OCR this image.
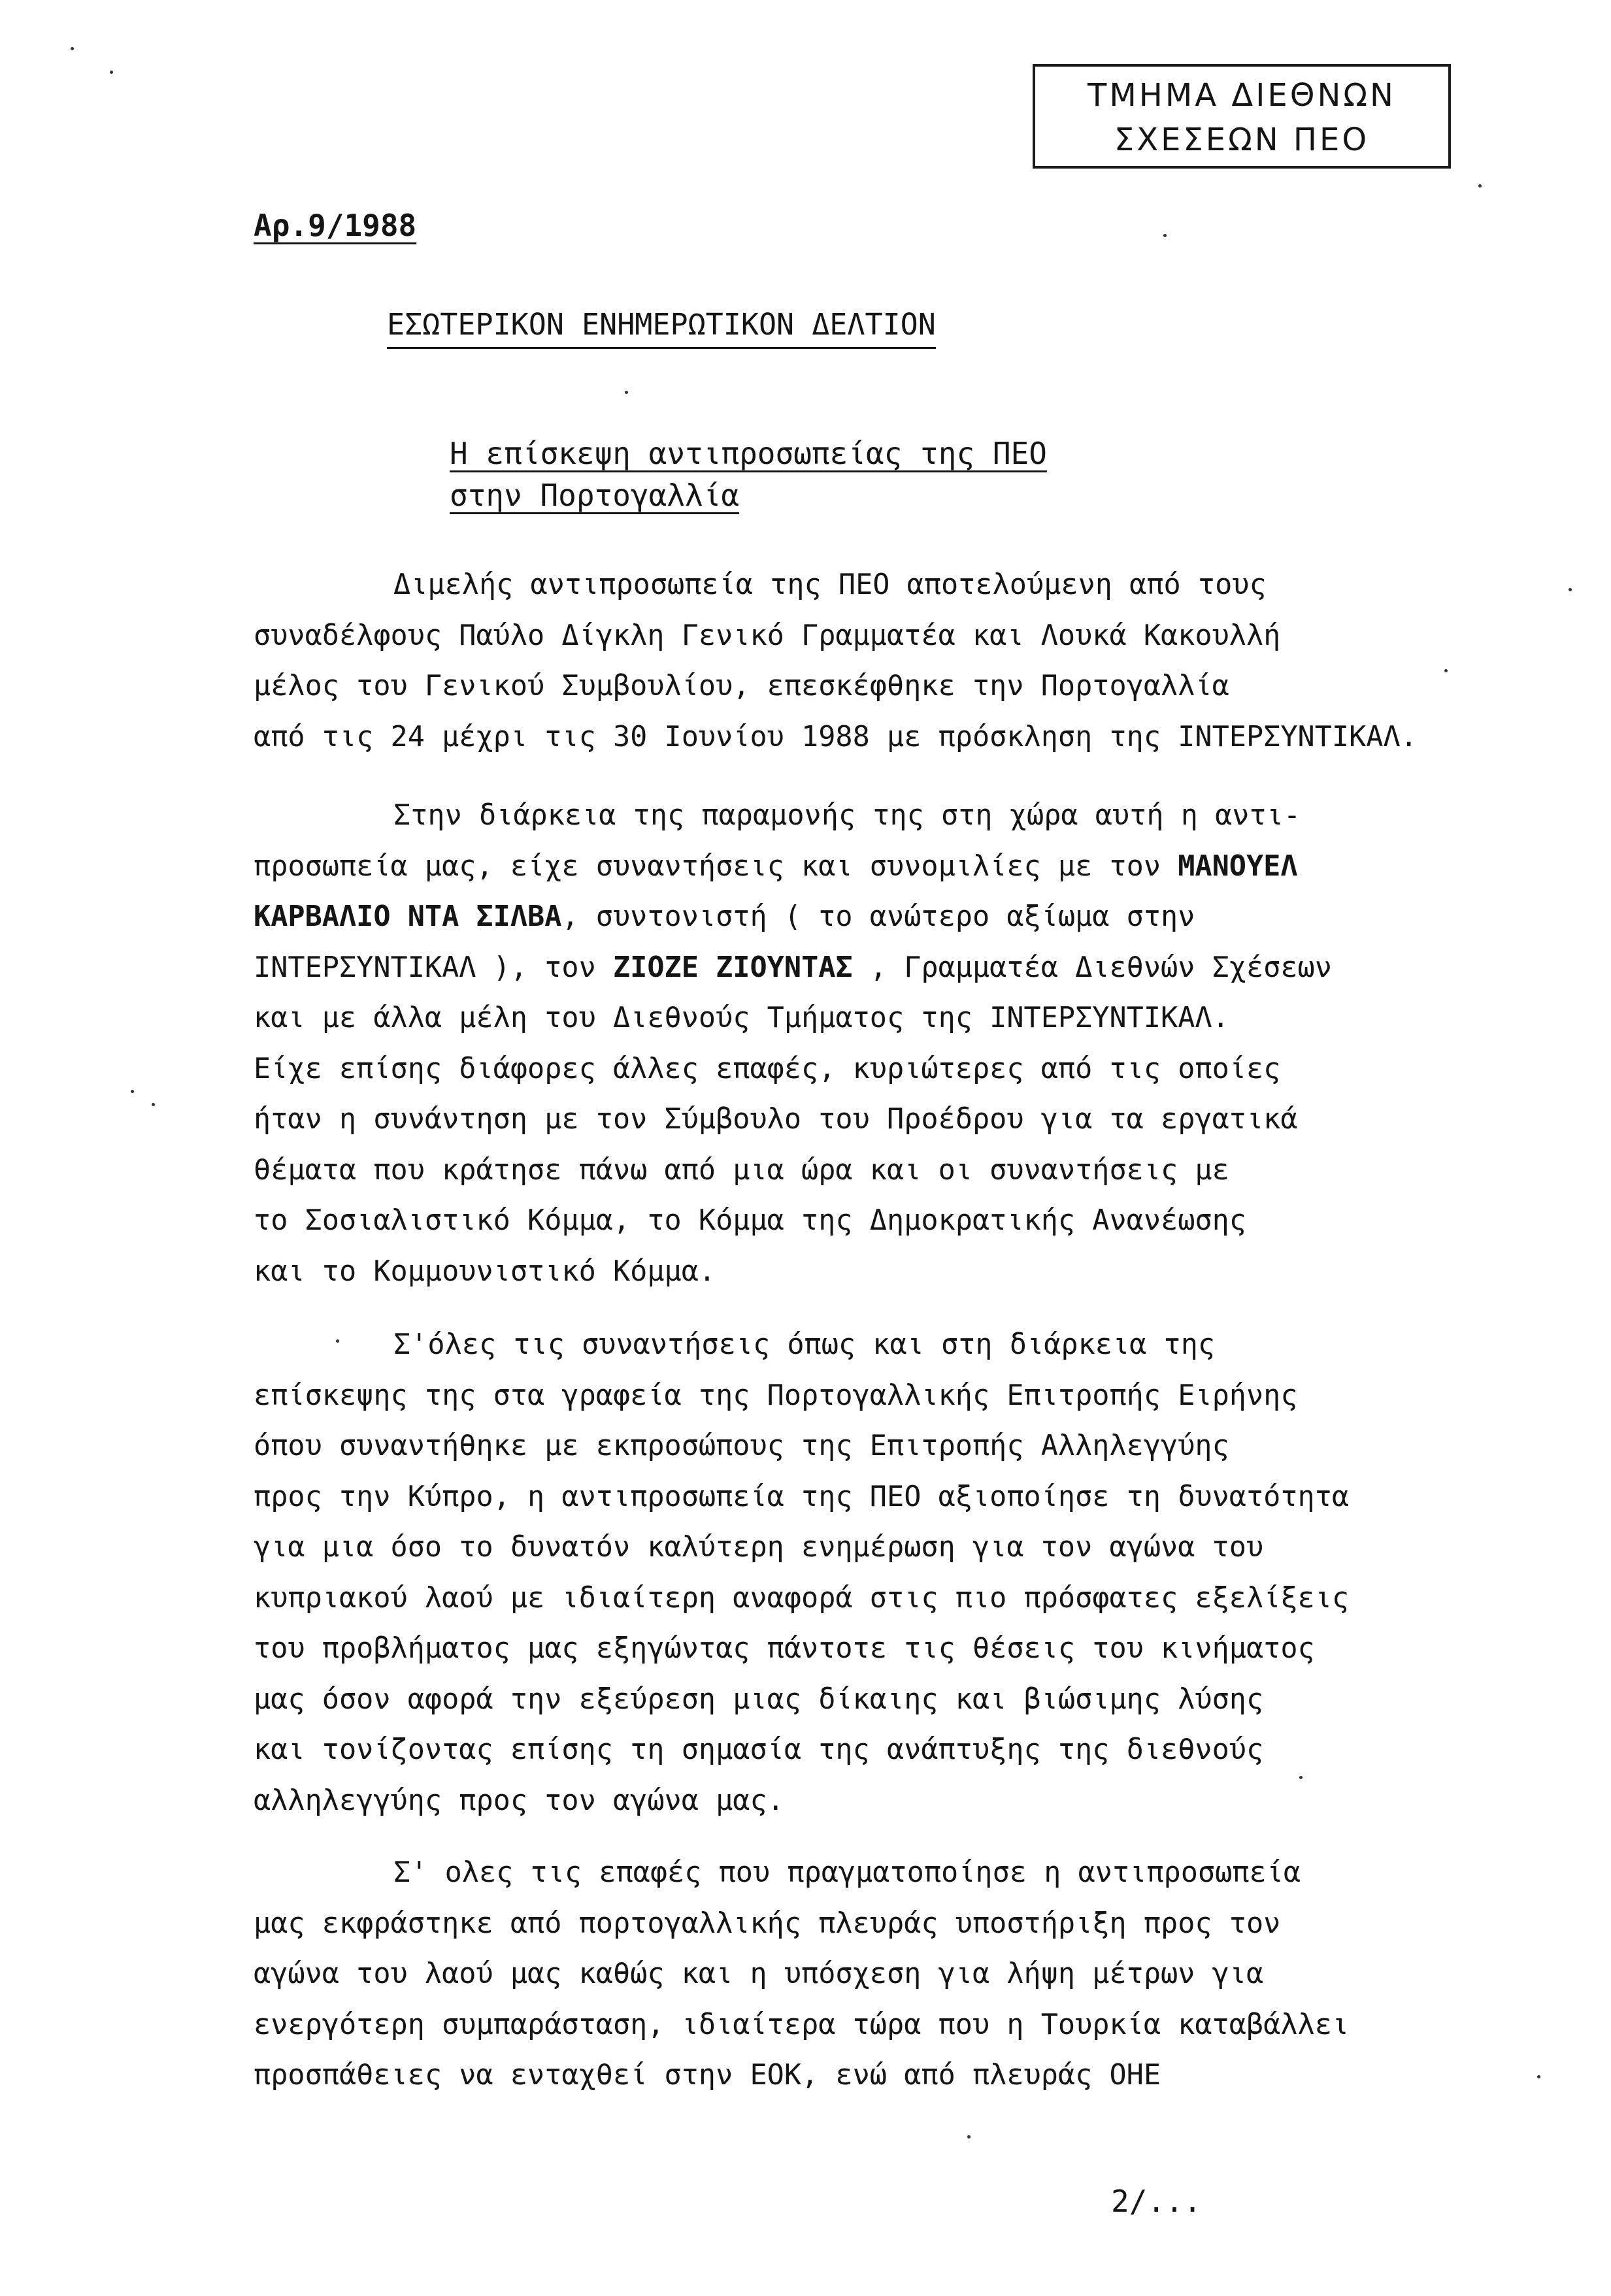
ΤΜΗΜΑ ΔΙΕΘΝΩΝ
ΣΧΕΣΕΩΝ ΠΕΟ
Αρ.9/1988
ΕΣΩΤΕΡΙΚΟΝ ΕΝΗΜΕΡΩΤΙΚΟΝ ΔΕΛΤΙΟΝ
Η επίσκεψη αντιπροσωπείας της ΠΕΟ
στην Πορτογαλλία
Διμελής αντιπροσωπεία της ΠΕΟ αποτελούμενη από τους
συναδέλφους Παύλο Δίγκλη Γενικό Γραμματέα και Λουκά Κακουλλή
μέλος του Γενικού Συμβουλίου, επεσκέφθηκε την Πορτογαλλία
από τις 24 μέχρι τις 30 Ιουνίου 1988 με πρόσκληση της ΙΝΤΕΡΣΥΝΤΙΚΑΛ.
Στην διάρκεια της παραμονής της στη χώρα αυτή η αντι-
προσωπεία μας, είχε συναντήσεις και συνομιλίες με τον ΜΑΝΟΥΕΛ
ΚΑΡΒΑΛΙΟ ΝΤΑ ΣΙΛΒΑ, συντονιστή ( το ανώτερο αξίωμα στην
ΙΝΤΕΡΣΥΝΤΙΚΑΛ ), τον ΖΙΟΖΕ ΖΙΟΥΝΤΑΣ , Γραμματέα Διεθνών Σχέσεων
και με άλλα μέλη του Διεθνούς Τμήματος της ΙΝΤΕΡΣΥΝΤΙΚΑΛ.
Είχε επίσης διάφορες άλλες επαφές, κυριώτερες από τις οποίες
ήταν η συνάντηση με τον Σύμβουλο του Προέδρου για τα εργατικά
θέματα που κράτησε πάνω από μια ώρα και οι συναντήσεις με
το Σοσιαλιστικό Κόμμα, το Κόμμα της Δημοκρατικής Ανανέωσης
και το Κομμουνιστικό Κόμμα.
Σ'όλες τις συναντήσεις όπως και στη διάρκεια της
επίσκεψης της στα γραφεία της Πορτογαλλικής Επιτροπής Ειρήνης
όπου συναντήθηκε με εκπροσώπους της Επιτροπής Αλληλεγγύης
προς την Κύπρο, η αντιπροσωπεία της ΠΕΟ αξιοποίησε τη δυνατότητα
για μια όσο το δυνατόν καλύτερη ενημέρωση για τον αγώνα του
κυπριακού λαού με ιδιαίτερη αναφορά στις πιο πρόσφατες εξελίξεις
του προβλήματος μας εξηγώντας πάντοτε τις θέσεις του κινήματος
μας όσον αφορά την εξεύρεση μιας δίκαιης και βιώσιμης λύσης
και τονίζοντας επίσης τη σημασία της ανάπτυξης της διεθνούς
αλληλεγγύης προς τον αγώνα μας.
Σ' ολες τις επαφές που πραγματοποίησε η αντιπροσωπεία
μας εκφράστηκε από πορτογαλλικής πλευράς υποστήριξη προς τον
αγώνα του λαού μας καθώς και η υπόσχεση για λήψη μέτρων για
ενεργότερη συμπαράσταση, ιδιαίτερα τώρα που η Τουρκία καταβάλλει
προσπάθειες να ενταχθεί στην ΕΟΚ, ενώ από πλευράς ΟΗΕ
2/...
